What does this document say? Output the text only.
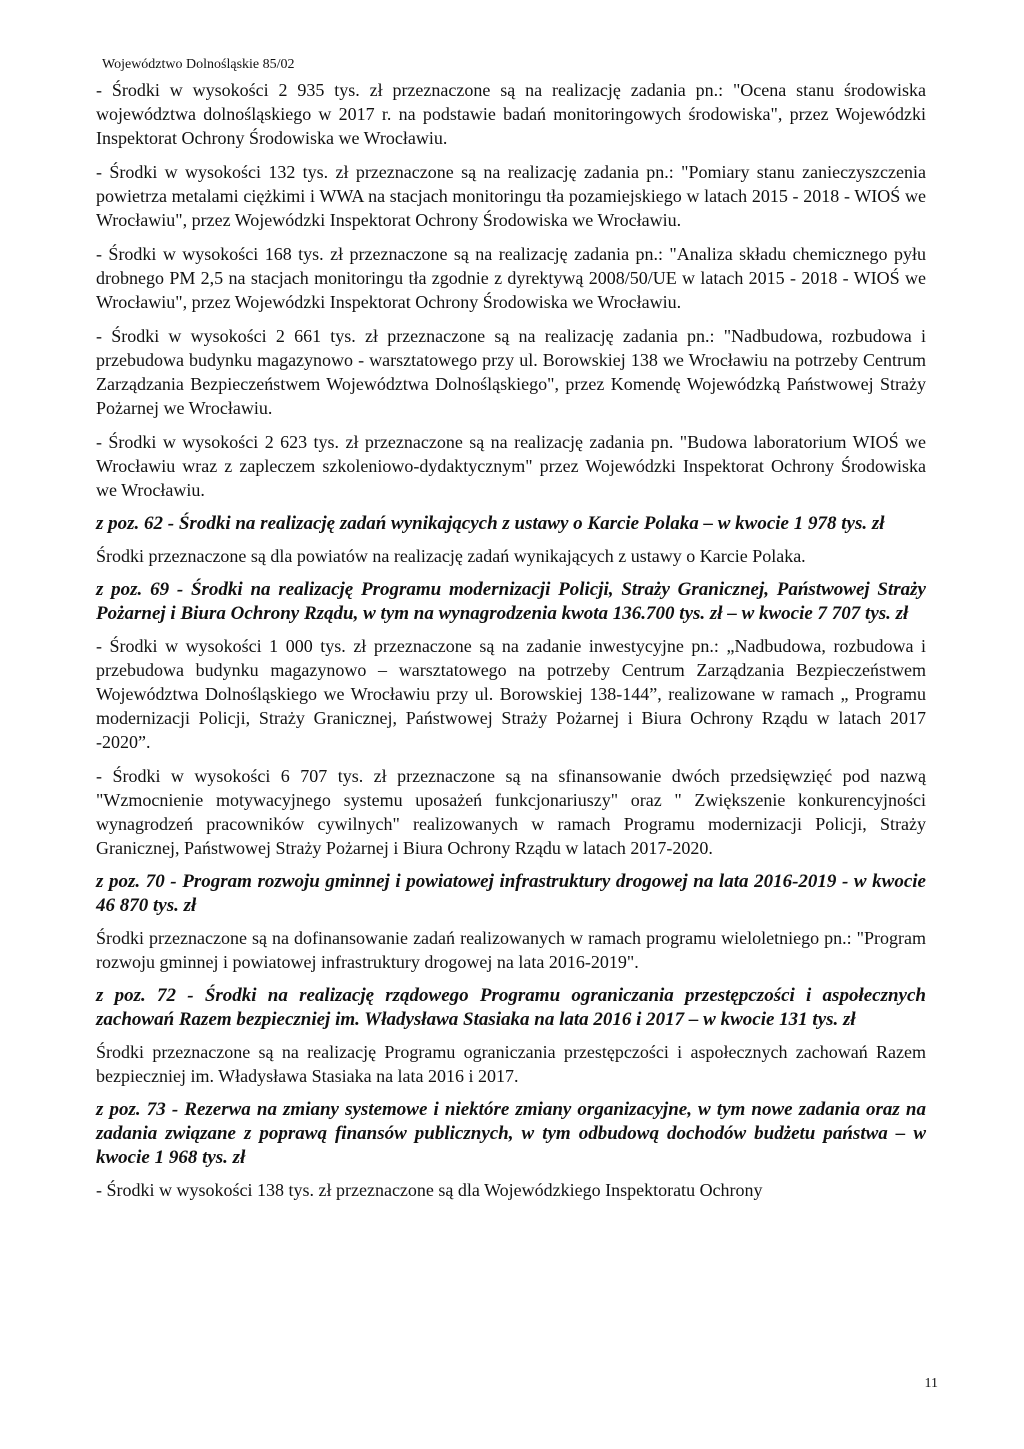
Województwo Dolnośląskie 85/02
- Środki w wysokości 2 935 tys. zł przeznaczone są na realizację zadania pn.: "Ocena stanu środowiska województwa dolnośląskiego w 2017 r. na podstawie badań monitoringowych środowiska", przez Wojewódzki Inspektorat Ochrony Środowiska we Wrocławiu.
- Środki w wysokości 132 tys. zł przeznaczone są na realizację zadania pn.: "Pomiary stanu zanieczyszczenia powietrza metalami ciężkimi i WWA na stacjach monitoringu tła pozamiejskiego w latach 2015 - 2018 - WIOŚ we Wrocławiu", przez Wojewódzki Inspektorat Ochrony Środowiska we Wrocławiu.
- Środki w wysokości 168 tys. zł przeznaczone są na realizację zadania pn.: "Analiza składu chemicznego pyłu drobnego PM 2,5 na stacjach monitoringu tła zgodnie z dyrektywą 2008/50/UE w latach 2015 - 2018 - WIOŚ we Wrocławiu", przez Wojewódzki Inspektorat Ochrony Środowiska we Wrocławiu.
- Środki w wysokości 2 661 tys. zł przeznaczone są na realizację zadania pn.: "Nadbudowa, rozbudowa i przebudowa budynku magazynowo - warsztatowego przy ul. Borowskiej 138 we Wrocławiu na potrzeby Centrum Zarządzania Bezpieczeństwem Województwa Dolnośląskiego", przez Komendę Wojewódzką Państwowej Straży Pożarnej we Wrocławiu.
- Środki w wysokości 2 623 tys. zł przeznaczone są na realizację zadania pn. "Budowa laboratorium WIOŚ we Wrocławiu wraz z zapleczem szkoleniowo-dydaktycznym" przez Wojewódzki Inspektorat Ochrony Środowiska we Wrocławiu.
z poz. 62 - Środki na realizację zadań wynikających z ustawy o Karcie Polaka – w kwocie 1 978 tys. zł
Środki przeznaczone są dla powiatów na realizację zadań wynikających z ustawy o Karcie Polaka.
z poz. 69 - Środki na realizację Programu modernizacji Policji, Straży Granicznej, Państwowej Straży Pożarnej i Biura Ochrony Rządu, w tym na wynagrodzenia kwota 136.700 tys. zł – w kwocie 7 707 tys. zł
- Środki w wysokości 1 000 tys. zł przeznaczone są na zadanie inwestycyjne pn.: „Nadbudowa, rozbudowa i przebudowa budynku magazynowo – warsztatowego na potrzeby Centrum Zarządzania Bezpieczeństwem Województwa Dolnośląskiego we Wrocławiu przy ul. Borowskiej 138-144”, realizowane w ramach „ Programu modernizacji Policji, Straży Granicznej, Państwowej Straży Pożarnej i Biura Ochrony Rządu w latach 2017 -2020”.
- Środki w wysokości 6 707 tys. zł przeznaczone są na sfinansowanie dwóch przedsięwzięć pod nazwą "Wzmocnienie motywacyjnego systemu uposażeń funkcjonariuszy" oraz " Zwiększenie konkurencyjności wynagrodzeń pracowników cywilnych" realizowanych w ramach Programu modernizacji Policji, Straży Granicznej, Państwowej Straży Pożarnej i Biura Ochrony Rządu w latach 2017-2020.
z poz. 70 - Program rozwoju gminnej i powiatowej infrastruktury drogowej na lata 2016-2019 - w kwocie 46 870 tys. zł
Środki przeznaczone są na dofinansowanie zadań realizowanych w ramach programu wieloletniego pn.: "Program rozwoju gminnej i powiatowej infrastruktury drogowej na lata 2016-2019".
z poz. 72 - Środki na realizację rządowego Programu ograniczania przestępczości i aspołecznych zachowań Razem bezpieczniej im. Władysława Stasiaka na lata 2016 i 2017 – w kwocie 131 tys. zł
Środki przeznaczone są na realizację Programu ograniczania przestępczości i aspołecznych zachowań Razem bezpieczniej im. Władysława Stasiaka na lata 2016 i 2017.
z poz. 73 - Rezerwa na zmiany systemowe i niektóre zmiany organizacyjne, w tym nowe zadania oraz na zadania związane z poprawą finansów publicznych, w tym odbudową dochodów budżetu państwa – w kwocie 1 968 tys. zł
- Środki w wysokości 138 tys. zł przeznaczone są dla Wojewódzkiego Inspektoratu Ochrony
11
